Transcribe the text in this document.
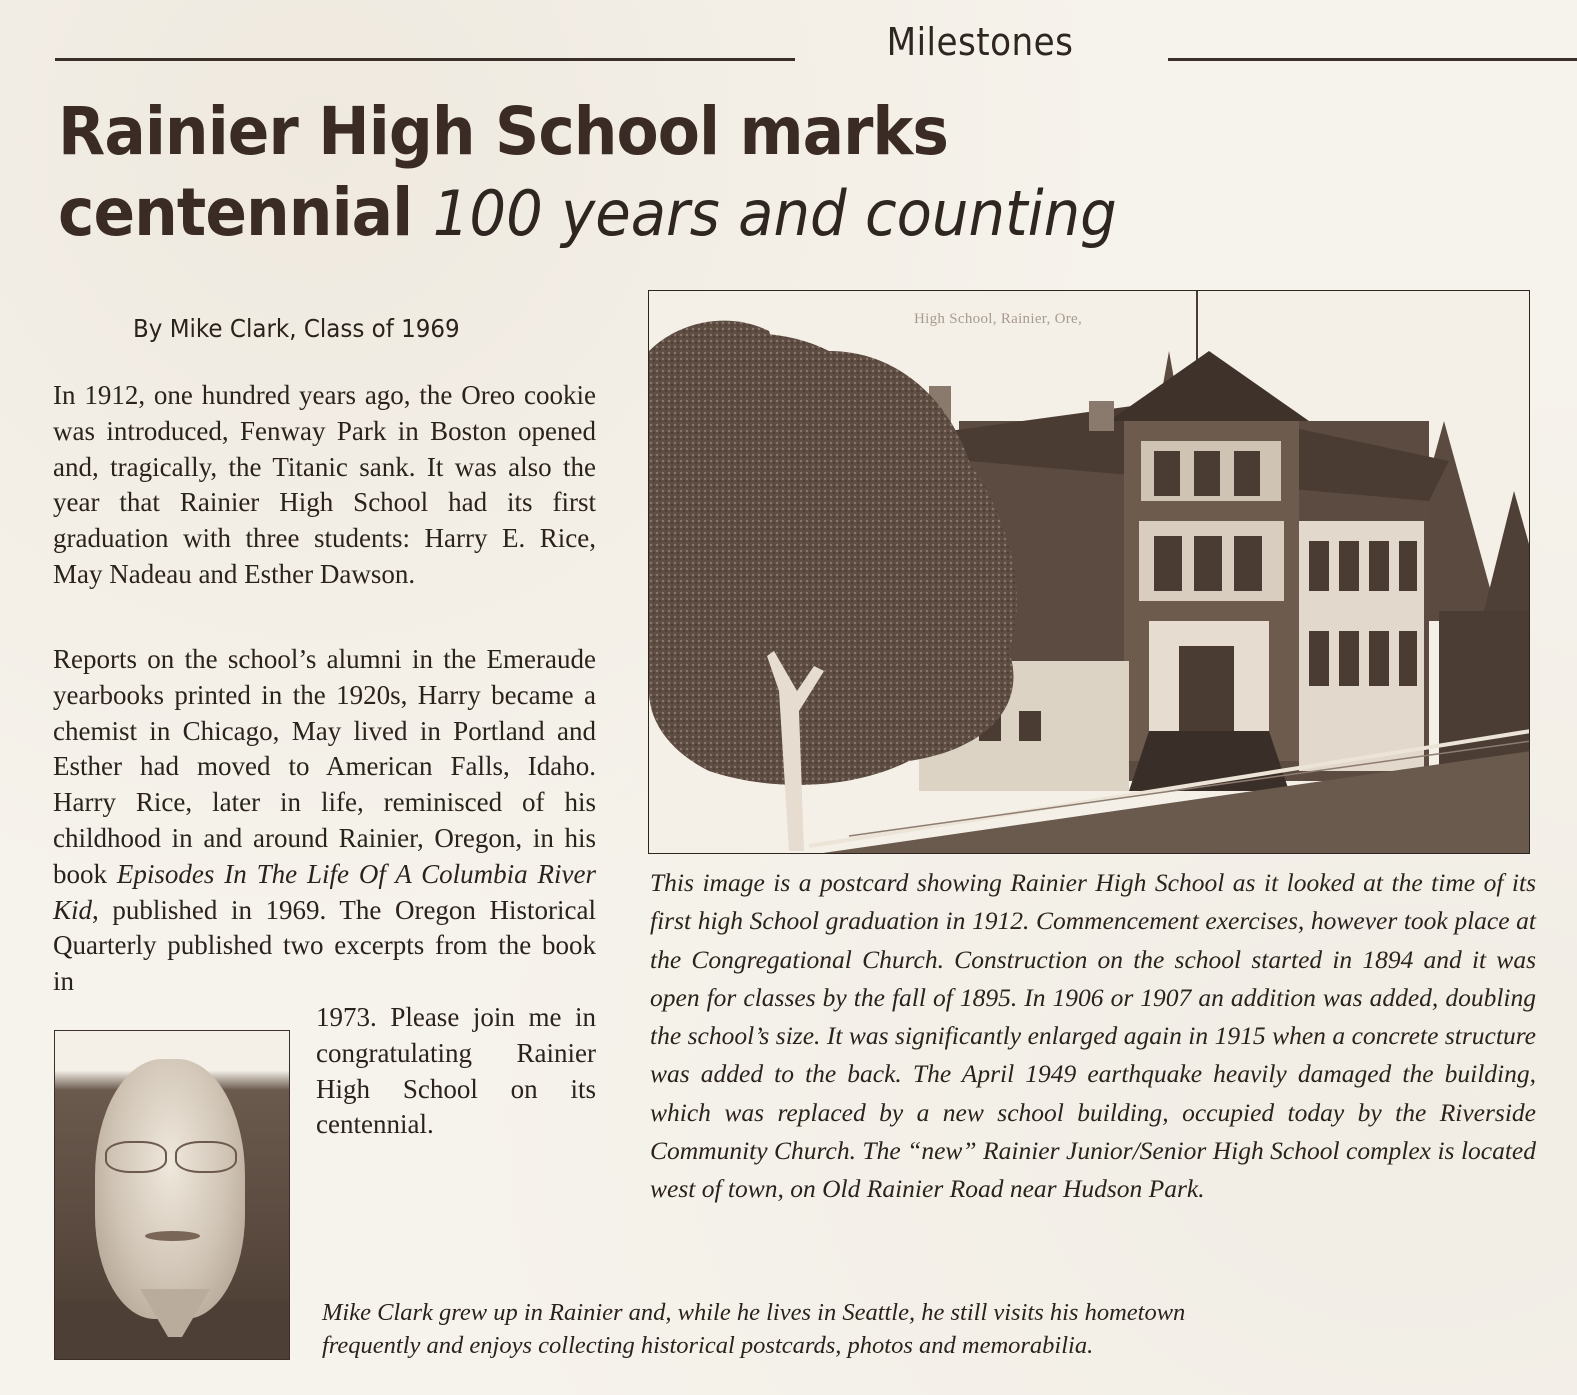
Milestones
Rainier High School marks
centennial 100 years and counting
By Mike Clark, Class of 1969

In 1912, one hundred years ago, the Oreo cookie was introduced, Fenway Park in Boston opened and, tragically, the Titanic sank. It was also the year that Rainier High School had its first graduation with three students: Harry E. Rice, May Nadeau and Esther Dawson.

Reports on the school’s alumni in the Emeraude yearbooks printed in the 1920s, Harry became a chemist in Chicago, May lived in Portland and Esther had moved to American Falls, Idaho. Harry Rice, later in life, reminisced of his childhood in and around Rainier, Oregon, in his book Episodes In The Life Of A Columbia River Kid, published in 1969. The Oregon Historical Quarterly published two excerpts from the book in

1973. Please join me in congratulating Rainier High School on its centennial.

High School, Rainier, Ore,

This image is a postcard showing Rainier High School as it looked at the time of its first high School graduation in 1912. Commencement exercises, however took place at the Congregational Church. Construction on the school started in 1894 and it was open for classes by the fall of 1895. In 1906 or 1907 an addition was added, doubling the school’s size. It was significantly enlarged again in 1915 when a concrete structure was added to the back. The April 1949 earthquake heavily damaged the building, which was replaced by a new school building, occupied today by the Riverside Community Church. The “new” Rainier Junior/Senior High School complex is located west of town, on Old Rainier Road near Hudson Park.

Mike Clark grew up in Rainier and, while he lives in Seattle, he still visits his hometown
frequently and enjoys collecting historical postcards, photos and memorabilia.
